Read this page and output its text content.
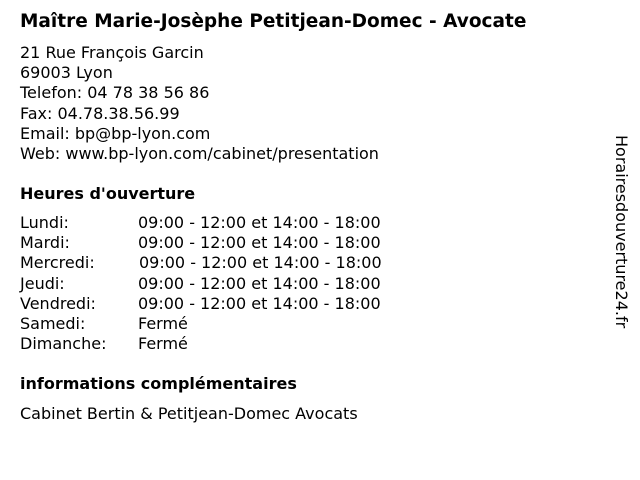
Maître Marie-Josèphe Petitjean-Domec - Avocate
21 Rue François Garcin
69003 Lyon
Telefon: 04 78 38 56 86
Fax: 04.78.38.56.99
Email: bp@bp-lyon.com
Web: www.bp-lyon.com/cabinet/presentation
Heures d'ouverture
Lundi:	09:00 - 12:00 et 14:00 - 18:00
Mardi:	09:00 - 12:00 et 14:00 - 18:00
Mercredi:	09:00 - 12:00 et 14:00 - 18:00
Jeudi:	09:00 - 12:00 et 14:00 - 18:00
Vendredi:	09:00 - 12:00 et 14:00 - 18:00
Samedi:	Fermé
Dimanche: Fermé
informations complémentaires
Cabinet Bertin & Petitjean-Domec Avocats
Horairesdouverture24.fr
